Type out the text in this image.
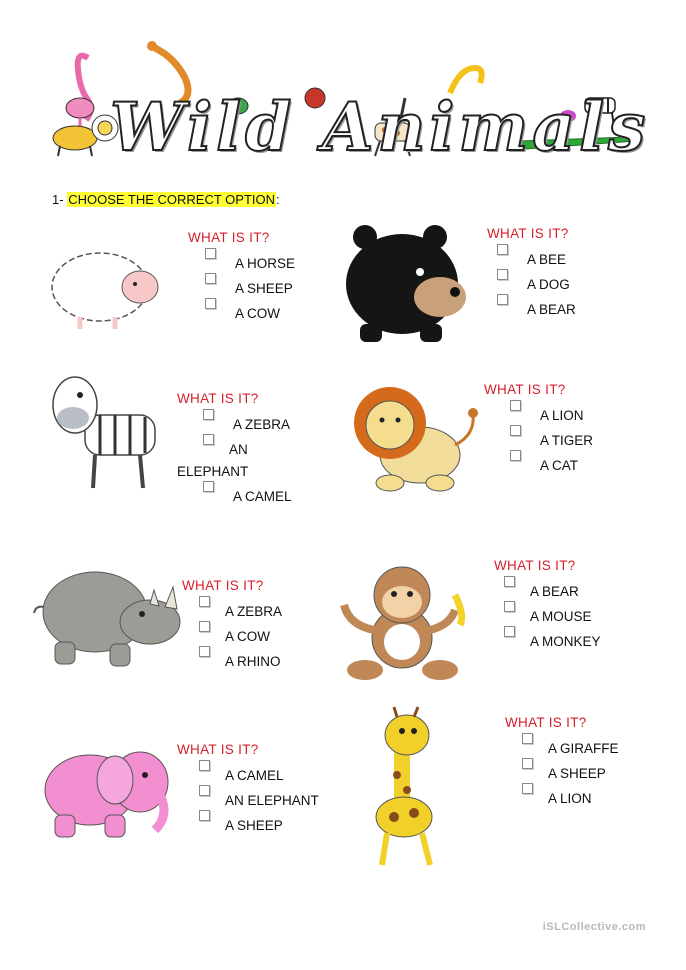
Wild Animals
1- CHOOSE THE CORRECT OPTION:
WHAT IS IT?
A HORSE
A SHEEP
A COW
WHAT IS IT?
A BEE
A DOG
A BEAR
WHAT IS IT?
A ZEBRA
AN
ELEPHANT
A CAMEL
WHAT IS IT?
A LION
A TIGER
A CAT
WHAT IS IT?
A ZEBRA
A COW
A RHINO
WHAT IS IT?
A BEAR
A MOUSE
A MONKEY
WHAT IS IT?
A CAMEL
AN ELEPHANT
A SHEEP
WHAT IS IT?
A GIRAFFE
A SHEEP
A LION
iSLCollective.com
